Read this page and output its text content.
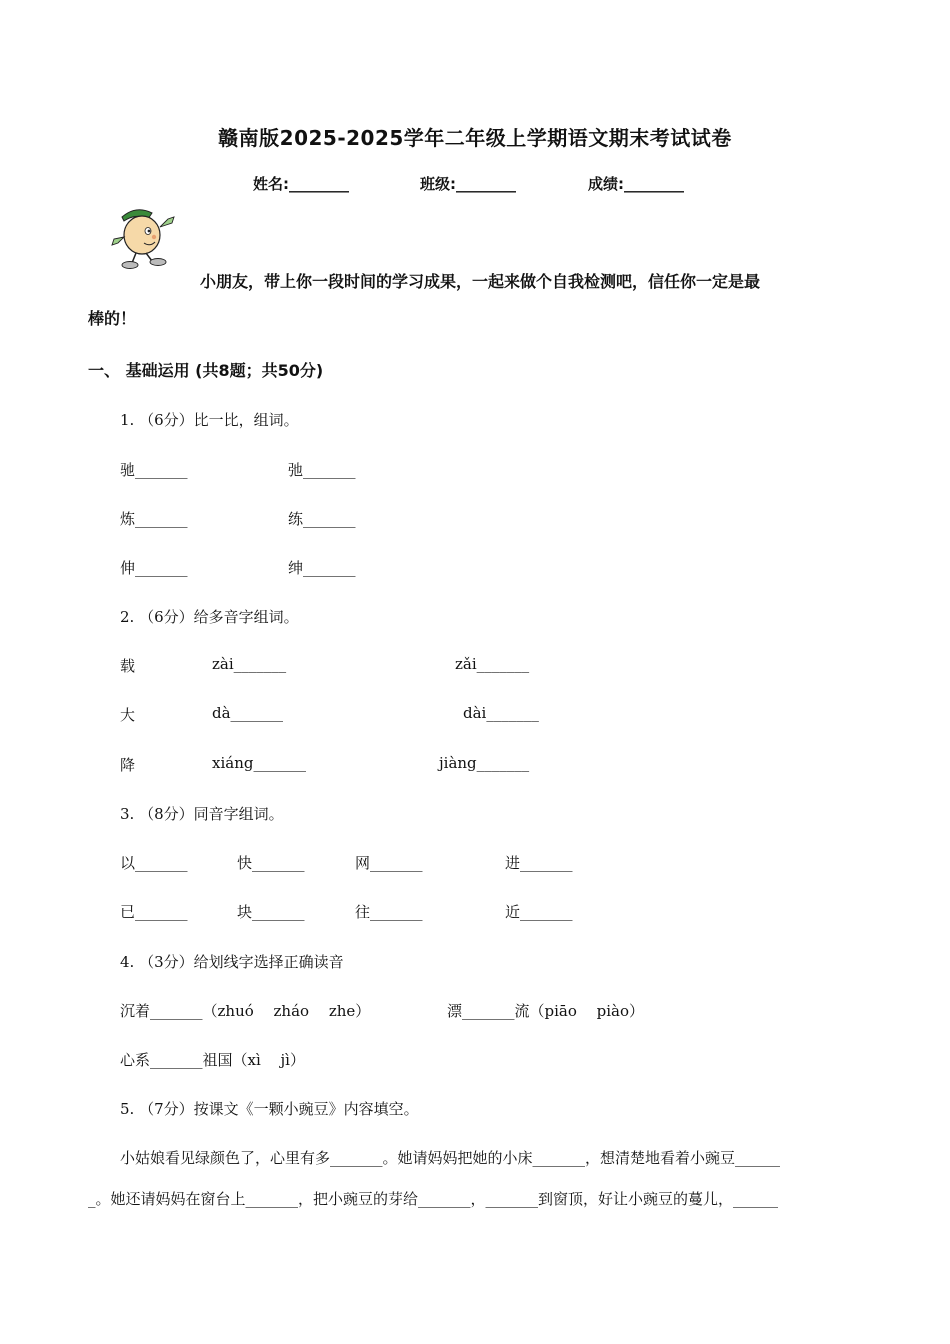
赣南版2025-2025学年二年级上学期语文期末考试试卷
姓名:________	班级:________	成绩:________
小朋友，带上你一段时间的学习成果，一起来做个自我检测吧，信任你一定是最
棒的！
一、 基础运用 (共8题；共50分)
1. （6分）比一比，组词。
驰_______	弛_______
炼_______	练_______
伸_______	绅_______
2. （6分）给多音字组词。
载	zài_______	zǎi_______
大	dà_______	dài_______
降	xiáng_______	jiàng_______
3. （8分）同音字组词。
以_______	快_______	网_______	进_______
已_______	块_______	往_______	近_______
4. （3分）给划线字选择正确读音
沉着_______（zhuó　 zháo　 zhe）	漂_______流（piāo　 piào）
心系_______祖国（xì　 jì）
5. （7分）按课文《一颗小豌豆》内容填空。
小姑娘看见绿颜色了，心里有多_______。她请妈妈把她的小床_______，想清楚地看着小豌豆______
_。她还请妈妈在窗台上_______，把小豌豆的芽给_______，_______到窗顶，好让小豌豆的蔓儿，______
